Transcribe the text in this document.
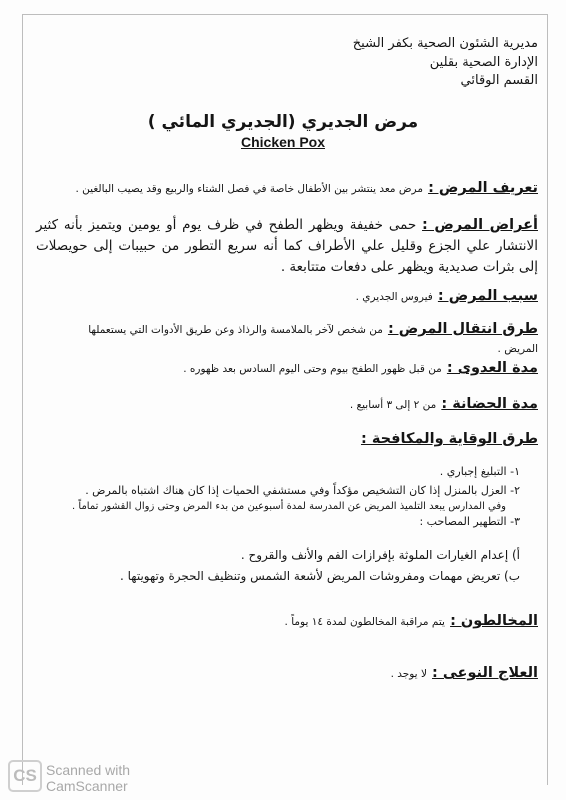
مديرية الشئون الصحية بكفر الشيخ
الإدارة الصحية بقلين
القسم الوقائي
مرض الجديري (الجديري المائي )
Chicken Pox
تعريف المرض : مرض معد ينتشر بين الأطفال خاصة في فصل الشتاء والربيع وقد يصيب البالغين .
أعراض المرض : حمى خفيفة ويظهر الطفح في ظرف يوم أو يومين ويتميز بأنه كثير الانتشار علي الجزع وقليل علي الأطراف كما أنه سريع التطور من حبيبات إلى حويصلات إلى بثرات صديدية ويظهر على دفعات متتابعة .
سبب المرض : فيروس الجديري .
طرق انتقال المرض : من شخص لآخر بالملامسة والرذاذ وعن طريق الأدوات التي يستعملها المريض .
مدة العدوى : من قبل ظهور الطفح بيوم وحتى اليوم السادس بعد ظهوره .
مدة الحضانة : من ٢ إلى ٣ أسابيع .
طرق الوقاية والمكافحة :
١- التبليغ إجباري .
٢- العزل بالمنزل إذا كان التشخيص مؤكداً وفي مستشفي الحميات إذا كان هناك اشتباه بالمرض .
وفي المدارس يبعد التلميذ المريض عن المدرسة لمدة أسبوعين من بدء المرض وحتى زوال القشور تماماً .
٣- التطهير المصاحب :
أ) إعدام الغيارات الملوثة بإفرازات الفم والأنف والقروح .
ب) تعريض مهمات ومفروشات المريض لأشعة الشمس وتنظيف الحجرة وتهويتها .
المخالطون : يتم مراقبة المخالطون لمدة ١٤ يوماً .
العلاج النوعى : لا يوجد .
CS Scanned with
CamScanner
